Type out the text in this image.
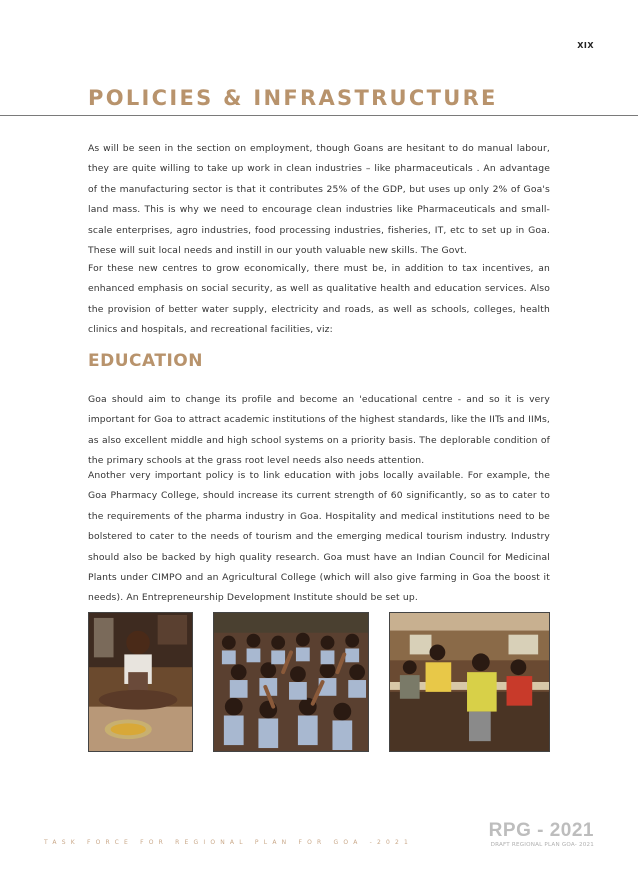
XIX
POLICIES & INFRASTRUCTURE

As will be seen in the section on employment, though Goans are hesitant to do manual labour, they are quite willing to take up work in clean industries – like pharmaceuticals . An advantage of the manufacturing sector is that it contributes 25% of the GDP, but uses up only 2% of Goa's land mass. This is why we need to encourage clean industries like Pharmaceuticals and small-scale enterprises, agro industries, food processing industries, fisheries, IT, etc to set up in Goa. These will suit local needs and instill in our youth valuable new skills. The Govt.

For these new centres to grow economically, there must be, in addition to tax incentives, an enhanced emphasis on social security, as well as qualitative health and education services. Also the provision of better water supply, electricity and roads, as well as schools, colleges, health clinics and hospitals, and recreational facilities, viz:

EDUCATION

Goa should aim to change its profile and become an 'educational centre - and so it is very important for Goa to attract academic institutions of the highest standards, like the IITs and IIMs, as also excellent middle and high school systems on a priority basis. The deplorable condition of the primary schools at the grass root level needs also needs attention.

Another very important policy is to link education with jobs locally available. For example, the Goa Pharmacy College, should increase its current strength of 60 significantly, so as to cater to the requirements of the pharma industry in Goa. Hospitality and medical institutions need to be bolstered to cater to the needs of tourism and the emerging medical tourism industry. Industry should also be backed by high quality research. Goa must have an Indian Council for Medicinal Plants under CIMPO and an Agricultural College (which will also give farming in Goa the boost it needs). An Entrepreneurship Development Institute should be set up.

TASK FORCE FOR REGIONAL PLAN FOR GOA -2021
RPG - 2021
DRAFT REGIONAL PLAN GOA- 2021
